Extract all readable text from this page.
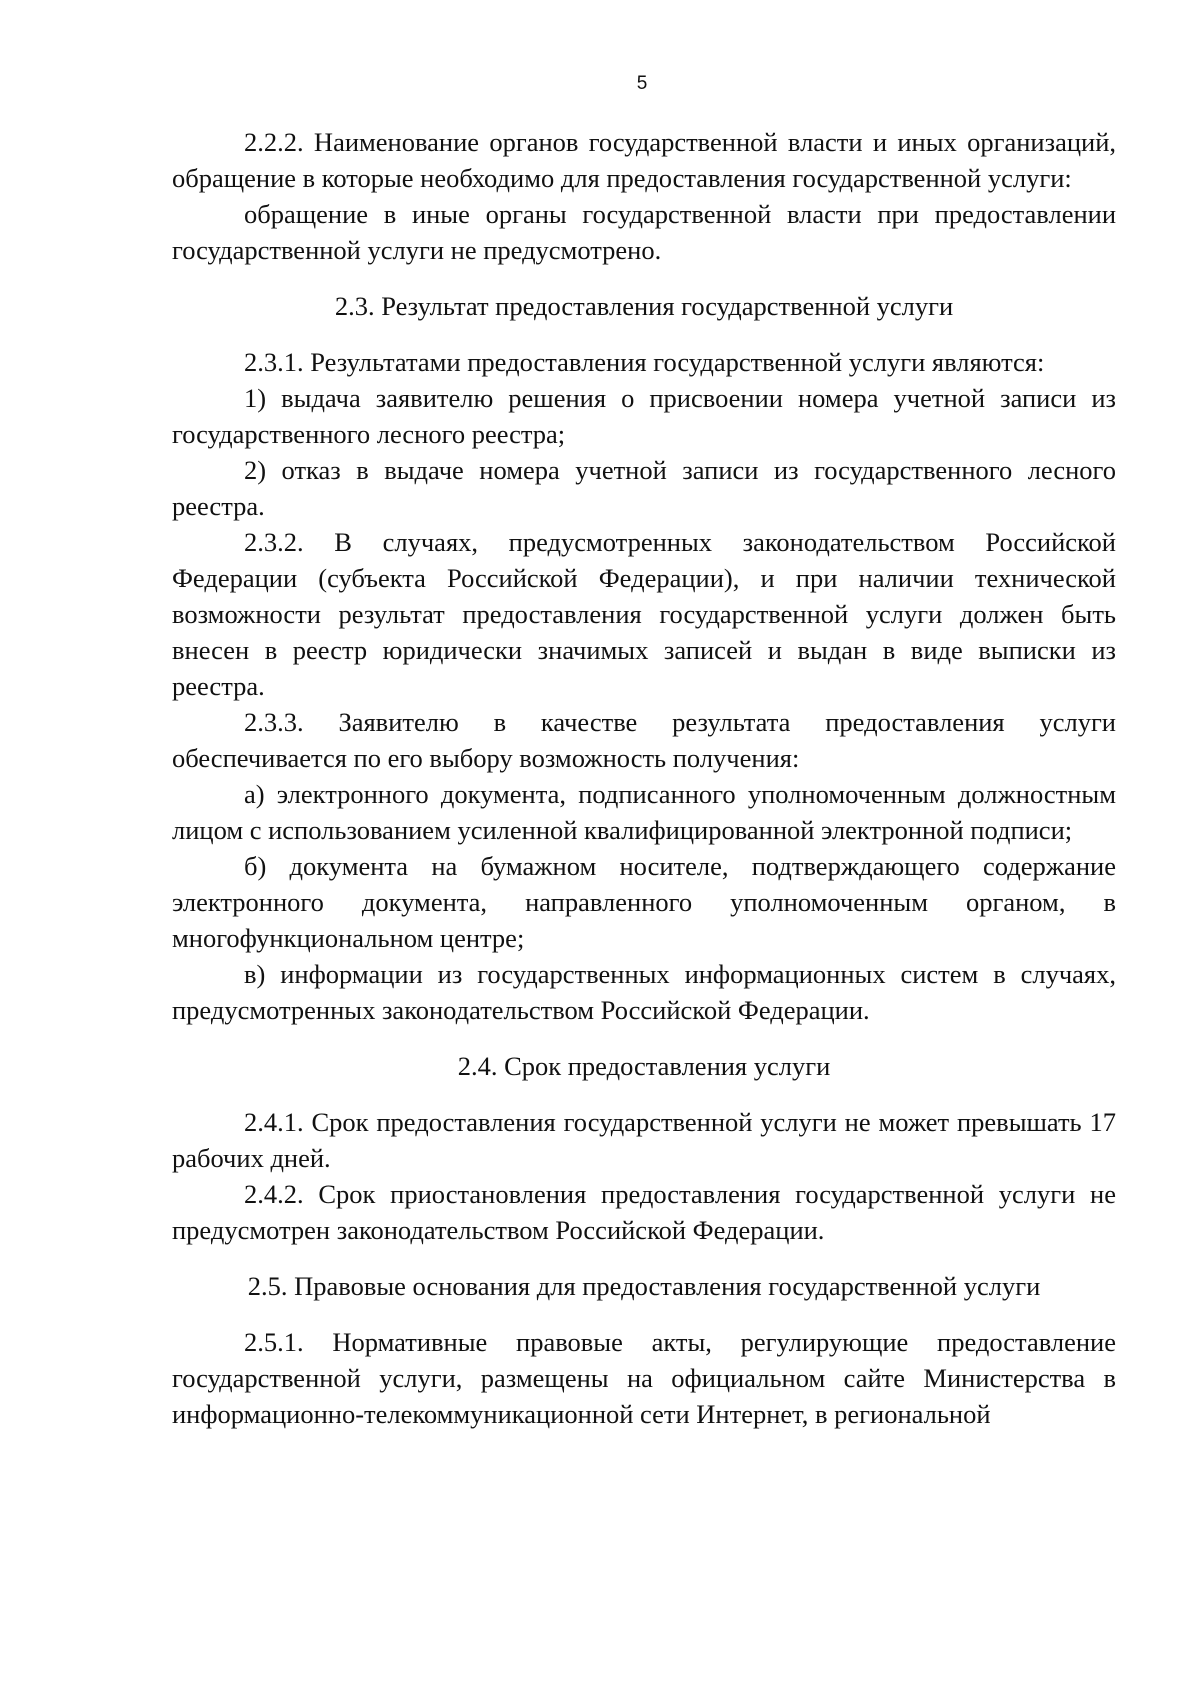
5

2.2.2. Наименование органов государственной власти и иных организаций, обращение в которые необходимо для предоставления государственной услуги:

обращение в иные органы государственной власти при предоставлении государственной услуги не предусмотрено.

2.3. Результат предоставления государственной услуги

2.3.1. Результатами предоставления государственной услуги являются:

1) выдача заявителю решения о присвоении номера учетной записи из государственного лесного реестра;

2) отказ в выдаче номера учетной записи из государственного лесного реестра.

2.3.2. В случаях, предусмотренных законодательством Российской Федерации (субъекта Российской Федерации), и при наличии технической возможности результат предоставления государственной услуги должен быть внесен в реестр юридически значимых записей и выдан в виде выписки из реестра.

2.3.3. Заявителю в качестве результата предоставления услуги обеспечивается по его выбору возможность получения:

а) электронного документа, подписанного уполномоченным должностным лицом с использованием усиленной квалифицированной электронной подписи;

б) документа на бумажном носителе, подтверждающего содержание электронного документа, направленного уполномоченным органом, в многофункциональном центре;

в) информации из государственных информационных систем в случаях, предусмотренных законодательством Российской Федерации.

2.4. Срок предоставления услуги

2.4.1. Срок предоставления государственной услуги не может превышать 17 рабочих дней.

2.4.2. Срок приостановления предоставления государственной услуги не предусмотрен законодательством Российской Федерации.

2.5. Правовые основания для предоставления государственной услуги

2.5.1. Нормативные правовые акты, регулирующие предоставление государственной услуги, размещены на официальном сайте Министерства в информационно-телекоммуникационной сети Интернет, в региональной
